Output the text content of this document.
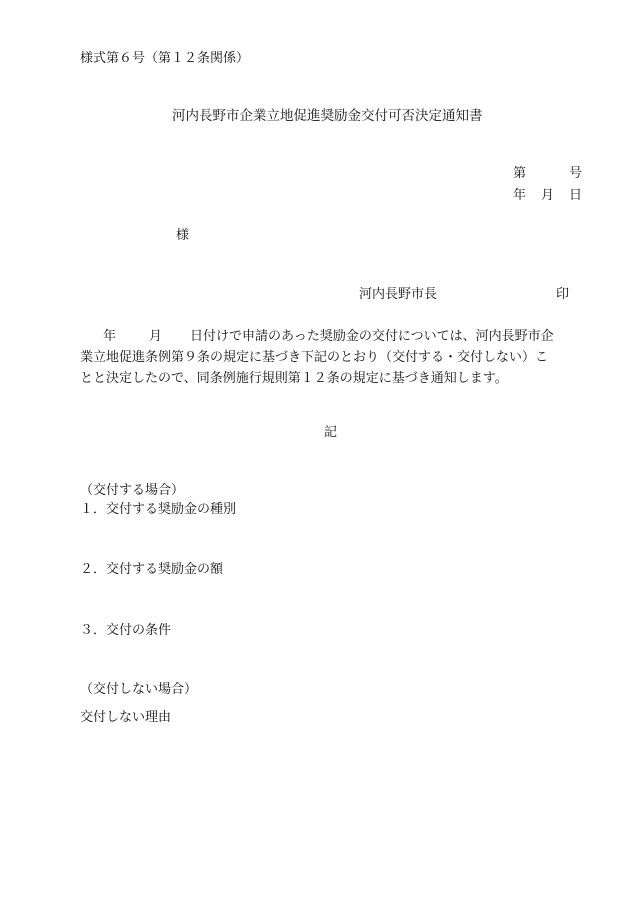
様式第６号（第１２条関係）
河内長野市企業立地促進奨励金交付可否決定通知書
第	号
年 月 日
様
河内長野市長	印
年	月 日付けで申請のあった奨励金の交付については、河内長野市企
業立地促進条例第９条の規定に基づき下記のとおり（交付する・交付しない）こ
とと決定したので、同条例施行規則第１２条の規定に基づき通知します。
記
（交付する場合）
１．交付する奨励金の種別
２．交付する奨励金の額
３．交付の条件
（交付しない場合）
交付しない理由
